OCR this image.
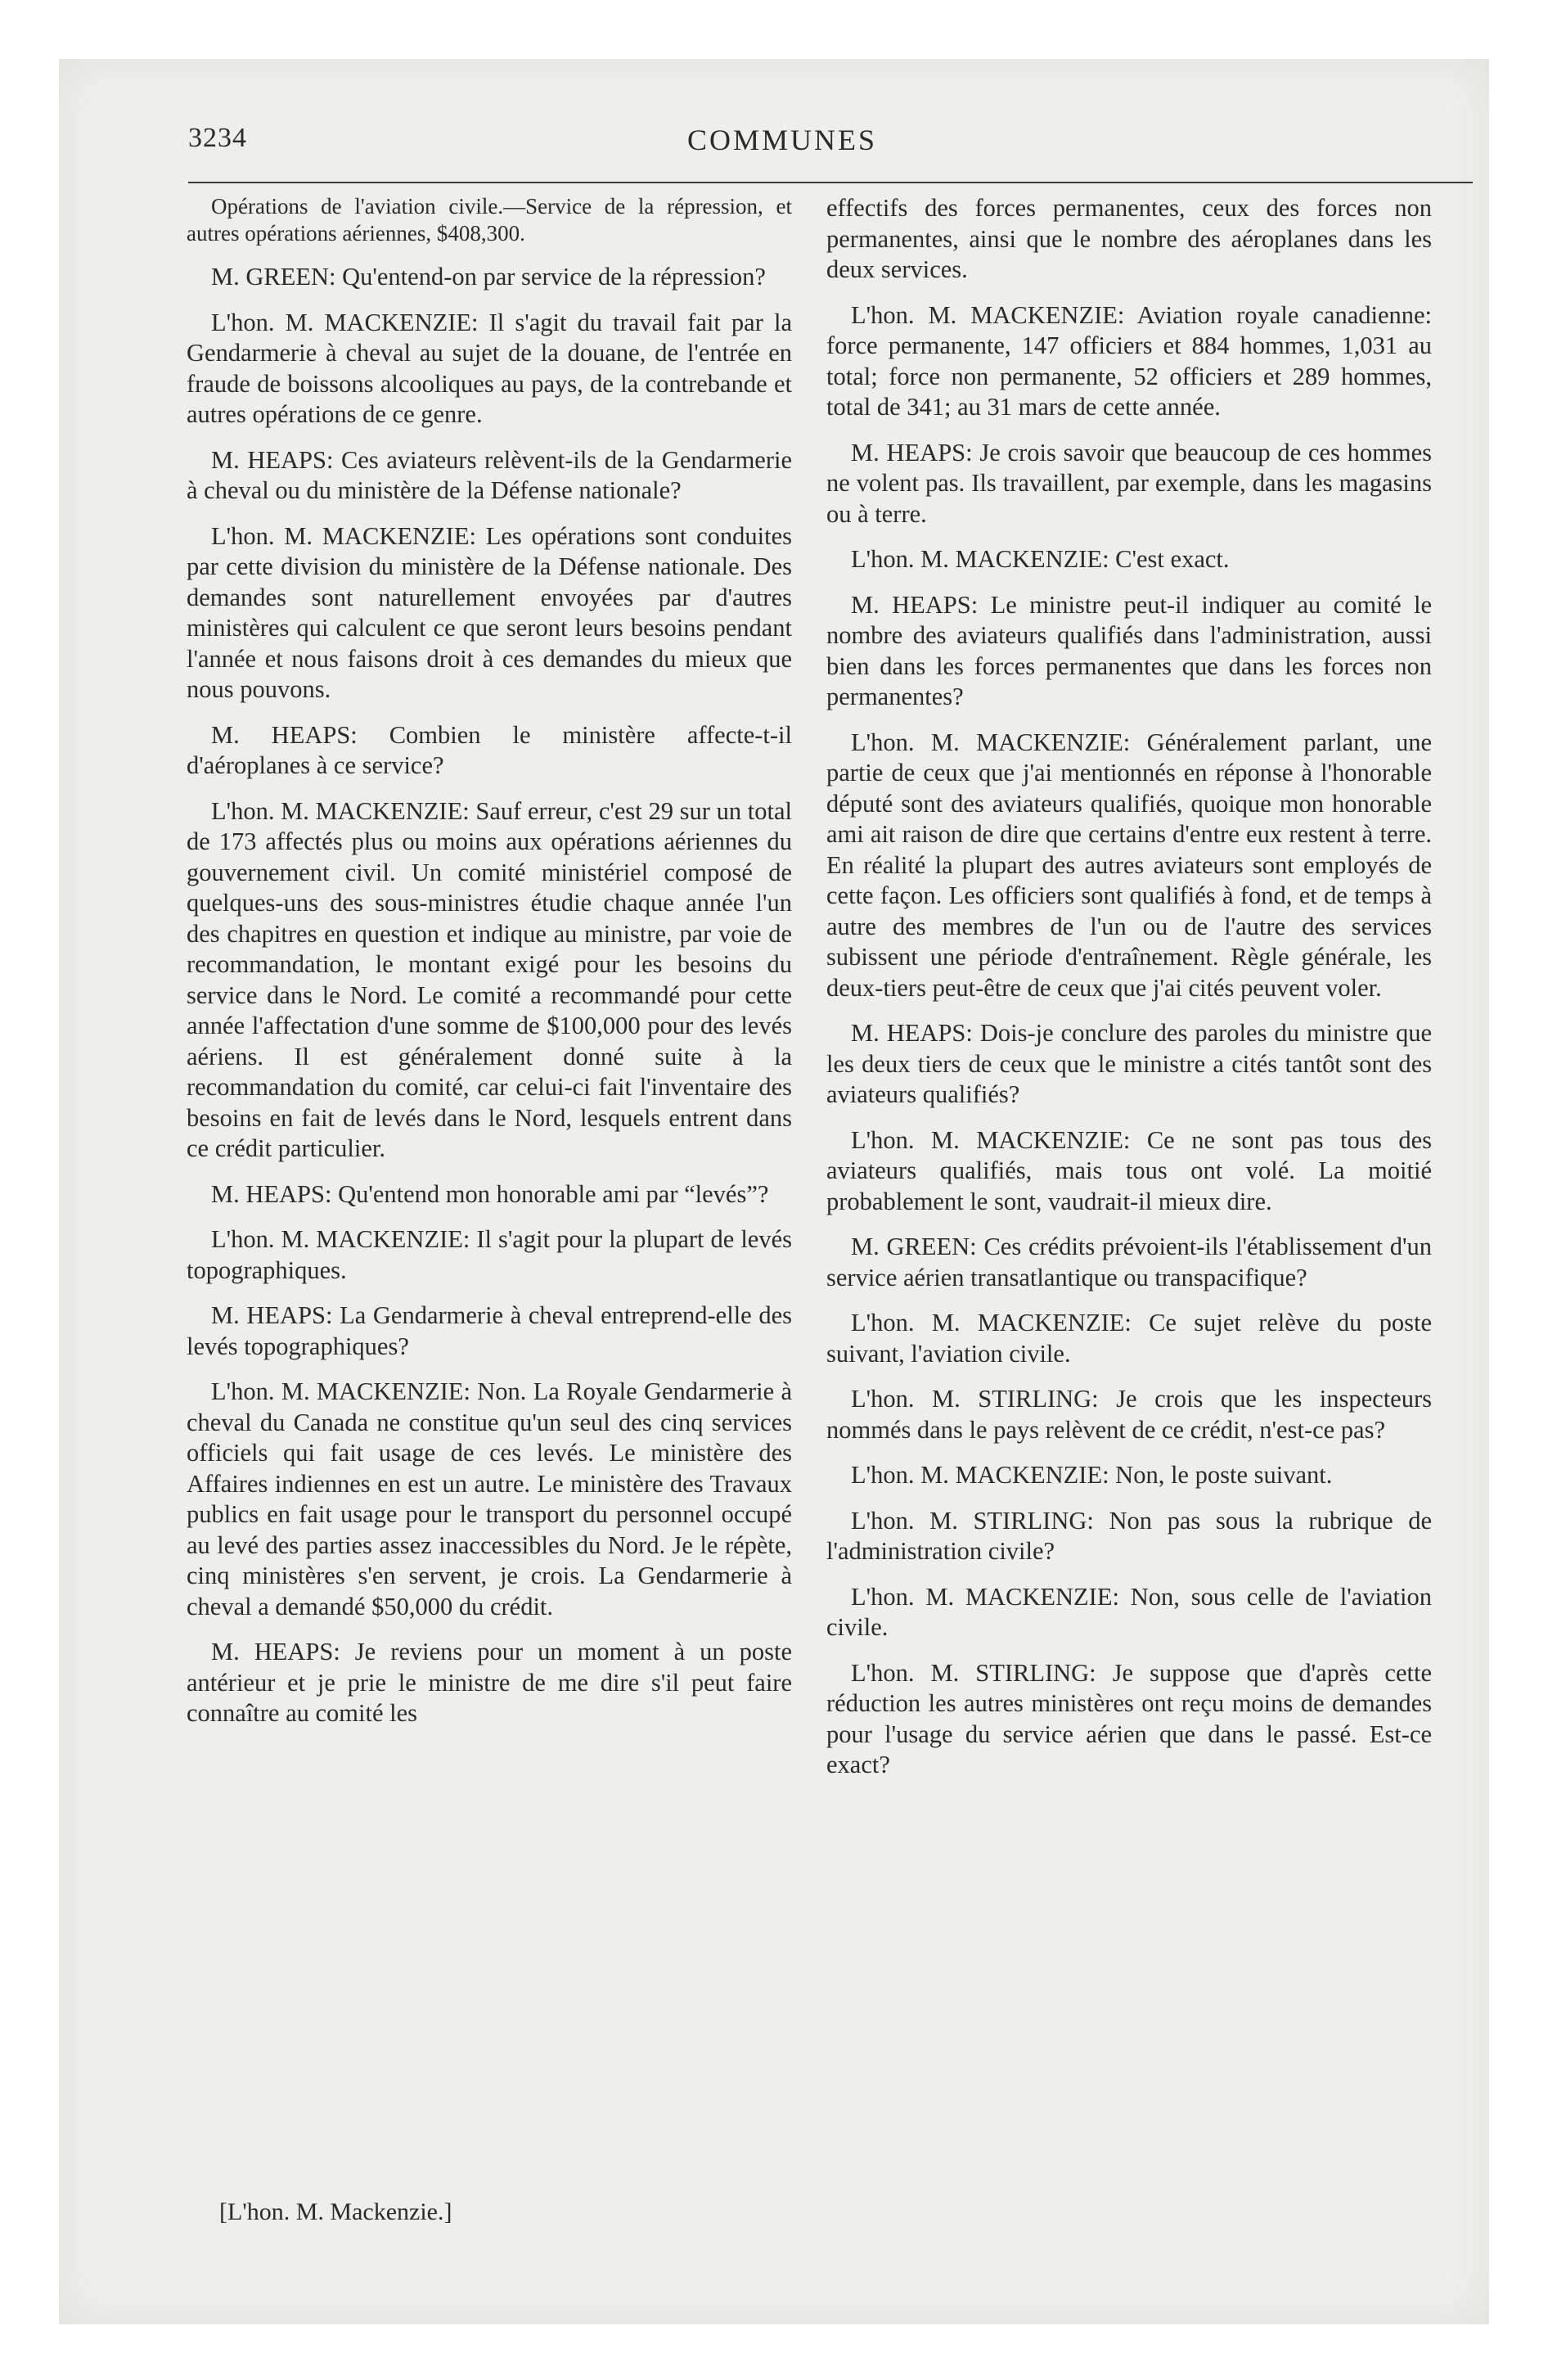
3234	COMMUNES

Opérations de l'aviation civile.—Service de la répression, et autres opérations aériennes, $408,300.

M. GREEN: Qu'entend-on par service de la répression?

L'hon. M. MACKENZIE: Il s'agit du travail fait par la Gendarmerie à cheval au sujet de la douane, de l'entrée en fraude de boissons alcooliques au pays, de la contrebande et autres opérations de ce genre.

M. HEAPS: Ces aviateurs relèvent-ils de la Gendarmerie à cheval ou du ministère de la Défense nationale?

L'hon. M. MACKENZIE: Les opérations sont conduites par cette division du ministère de la Défense nationale. Des demandes sont naturellement envoyées par d'autres ministères qui calculent ce que seront leurs besoins pendant l'année et nous faisons droit à ces demandes du mieux que nous pouvons.

M. HEAPS: Combien le ministère affecte-t-il d'aéroplanes à ce service?

L'hon. M. MACKENZIE: Sauf erreur, c'est 29 sur un total de 173 affectés plus ou moins aux opérations aériennes du gouvernement civil. Un comité ministériel composé de quelques-uns des sous-ministres étudie chaque année l'un des chapitres en question et indique au ministre, par voie de recommandation, le montant exigé pour les besoins du service dans le Nord. Le comité a recommandé pour cette année l'affectation d'une somme de $100,000 pour des levés aériens. Il est généralement donné suite à la recommandation du comité, car celui-ci fait l'inventaire des besoins en fait de levés dans le Nord, lesquels entrent dans ce crédit particulier.

M. HEAPS: Qu'entend mon honorable ami par “levés”?

L'hon. M. MACKENZIE: Il s'agit pour la plupart de levés topographiques.

M. HEAPS: La Gendarmerie à cheval entreprend-elle des levés topographiques?

L'hon. M. MACKENZIE: Non. La Royale Gendarmerie à cheval du Canada ne constitue qu'un seul des cinq services officiels qui fait usage de ces levés. Le ministère des Affaires indiennes en est un autre. Le ministère des Travaux publics en fait usage pour le transport du personnel occupé au levé des parties assez inaccessibles du Nord. Je le répète, cinq ministères s'en servent, je crois. La Gendarmerie à cheval a demandé $50,000 du crédit.

M. HEAPS: Je reviens pour un moment à un poste antérieur et je prie le ministre de me dire s'il peut faire connaître au comité les

[L'hon. M. Mackenzie.]

effectifs des forces permanentes, ceux des forces non permanentes, ainsi que le nombre des aéroplanes dans les deux services.

L'hon. M. MACKENZIE: Aviation royale canadienne: force permanente, 147 officiers et 884 hommes, 1,031 au total; force non permanente, 52 officiers et 289 hommes, total de 341; au 31 mars de cette année.

M. HEAPS: Je crois savoir que beaucoup de ces hommes ne volent pas. Ils travaillent, par exemple, dans les magasins ou à terre.

L'hon. M. MACKENZIE: C'est exact.

M. HEAPS: Le ministre peut-il indiquer au comité le nombre des aviateurs qualifiés dans l'administration, aussi bien dans les forces permanentes que dans les forces non permanentes?

L'hon. M. MACKENZIE: Généralement parlant, une partie de ceux que j'ai mentionnés en réponse à l'honorable député sont des aviateurs qualifiés, quoique mon honorable ami ait raison de dire que certains d'entre eux restent à terre. En réalité la plupart des autres aviateurs sont employés de cette façon. Les officiers sont qualifiés à fond, et de temps à autre des membres de l'un ou de l'autre des services subissent une période d'entraînement. Règle générale, les deux-tiers peut-être de ceux que j'ai cités peuvent voler.

M. HEAPS: Dois-je conclure des paroles du ministre que les deux tiers de ceux que le ministre a cités tantôt sont des aviateurs qualifiés?

L'hon. M. MACKENZIE: Ce ne sont pas tous des aviateurs qualifiés, mais tous ont volé. La moitié probablement le sont, vaudrait-il mieux dire.

M. GREEN: Ces crédits prévoient-ils l'établissement d'un service aérien transatlantique ou transpacifique?

L'hon. M. MACKENZIE: Ce sujet relève du poste suivant, l'aviation civile.

L'hon. M. STIRLING: Je crois que les inspecteurs nommés dans le pays relèvent de ce crédit, n'est-ce pas?

L'hon. M. MACKENZIE: Non, le poste suivant.

L'hon. M. STIRLING: Non pas sous la rubrique de l'administration civile?

L'hon. M. MACKENZIE: Non, sous celle de l'aviation civile.

L'hon. M. STIRLING: Je suppose que d'après cette réduction les autres ministères ont reçu moins de demandes pour l'usage du service aérien que dans le passé. Est-ce exact?
